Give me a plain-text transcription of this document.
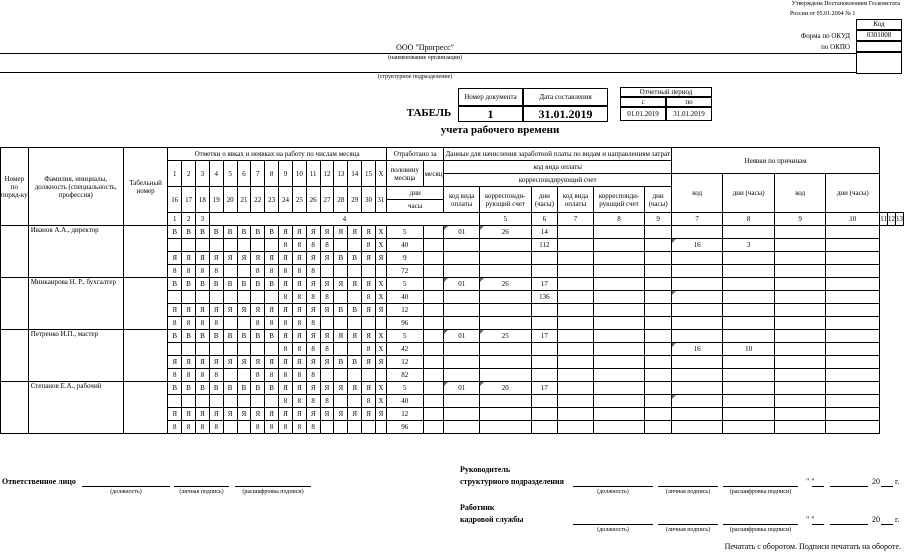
Утверждена Постановлением Госкомстата
России от 05.01.2004 № 1
Код
0301008
Форма по ОКУД
по ОКПО
ООО "Прогресс"
(наименование организации)
(структурное подразделение)
Номер документа	Дата составления
1	31.01.2019
ТАБЕЛЬ
учета рабочего времени
Отчетный период
с	по
01.01.2019	31.01.2019
Номер по поряд-ку	Фамилия, инициалы, должность (специальность, профессия)	Табельный номер	Отметки о явках и неявках на работу по числам месяца																Отработано за		Данные для начисления заработной платы по видам и направлениям затрат						Неявки по причинам						
			1	2	3	4	5	6	7	8	9	10	11	12	13	14	15	X	половину месяца	месяц	код вида оплаты												
																					корреспондирующий счет						код	дни (часы)	код	дни (часы)			
			16	17	18	19	20	21	22	23	24	25	26	27	28	29	30	31	дни		код вида оплаты	корреспонди-рующий счет	дни (часы)	код вида оплаты	корреспонди-рующий счет	дни (часы)							
																			часы														
			1	2	3	4																5	6	7	8	9	7	8	9	10	11	12	13
	Иванов А.А., директор		В	В	В	В	В	В	В	В	Я	Я	Я	Я	Я	Я	Я	X	5		01	26	14										
											8	8	8	8			8	X	40				112				16	3					
			Я	Я	Я	Я	Я	Я	Я	Я	Я	Я	Я	Я	В	В	Я	Я	9														
			8	8	8	8			8	8	8	8	8						72														
	Минкаирова Н. Р., бухгалтер		В	В	В	В	В	В	В	В	Я	Я	Я	Я	Я	Я	Я	X	5		01	26	17										
											8	8	8	8			8	X	40				136										
			Я	Я	Я	Я	Я	Я	Я	Я	Я	Я	Я	Я	В	В	Я	Я	12														
			8	8	8	8			8	8	8	8	8						96														
	Петренко И.П., мастер		В	В	В	В	В	В	В	В	Я	Я	Я	Я	Я	Я	Я	X	5		01	25	17										
											8	8	8	8			8	X	42								16	10					
			Я	Я	Я	Я	Я	Я	Я	Я	Я	Я	Я	Я	В	В	Я	Я	12														
			8	8	8	8			8	8	8	8	8						82														
	Степанов Е.А., рабочий		В	В	В	В	В	В	В	В	Я	Я	Я	Я	Я	Я	Я	X	5		01	20	17										
											8	8	8	8			8	X	40														
			Я	Я	Я	Я	Я	Я	Я	Я	Я	Я	Я	Я	Я	Я	Я	Я	12														
			8	8	8	8			8	8	8	8	8						96														
Ответственное лицо
(должность)	(личная подпись)	(расшифровка подписи)
Руководитель
структурного подразделения
(должность)	(личная подпись)	(расшифровка подписи)
" "	20 г.
Работник
кадровой службы
(должность)	(личная подпись)	(расшифровка подписи)
" "	20 г.
Печатать с оборотом. Подписи печатать на обороте.
